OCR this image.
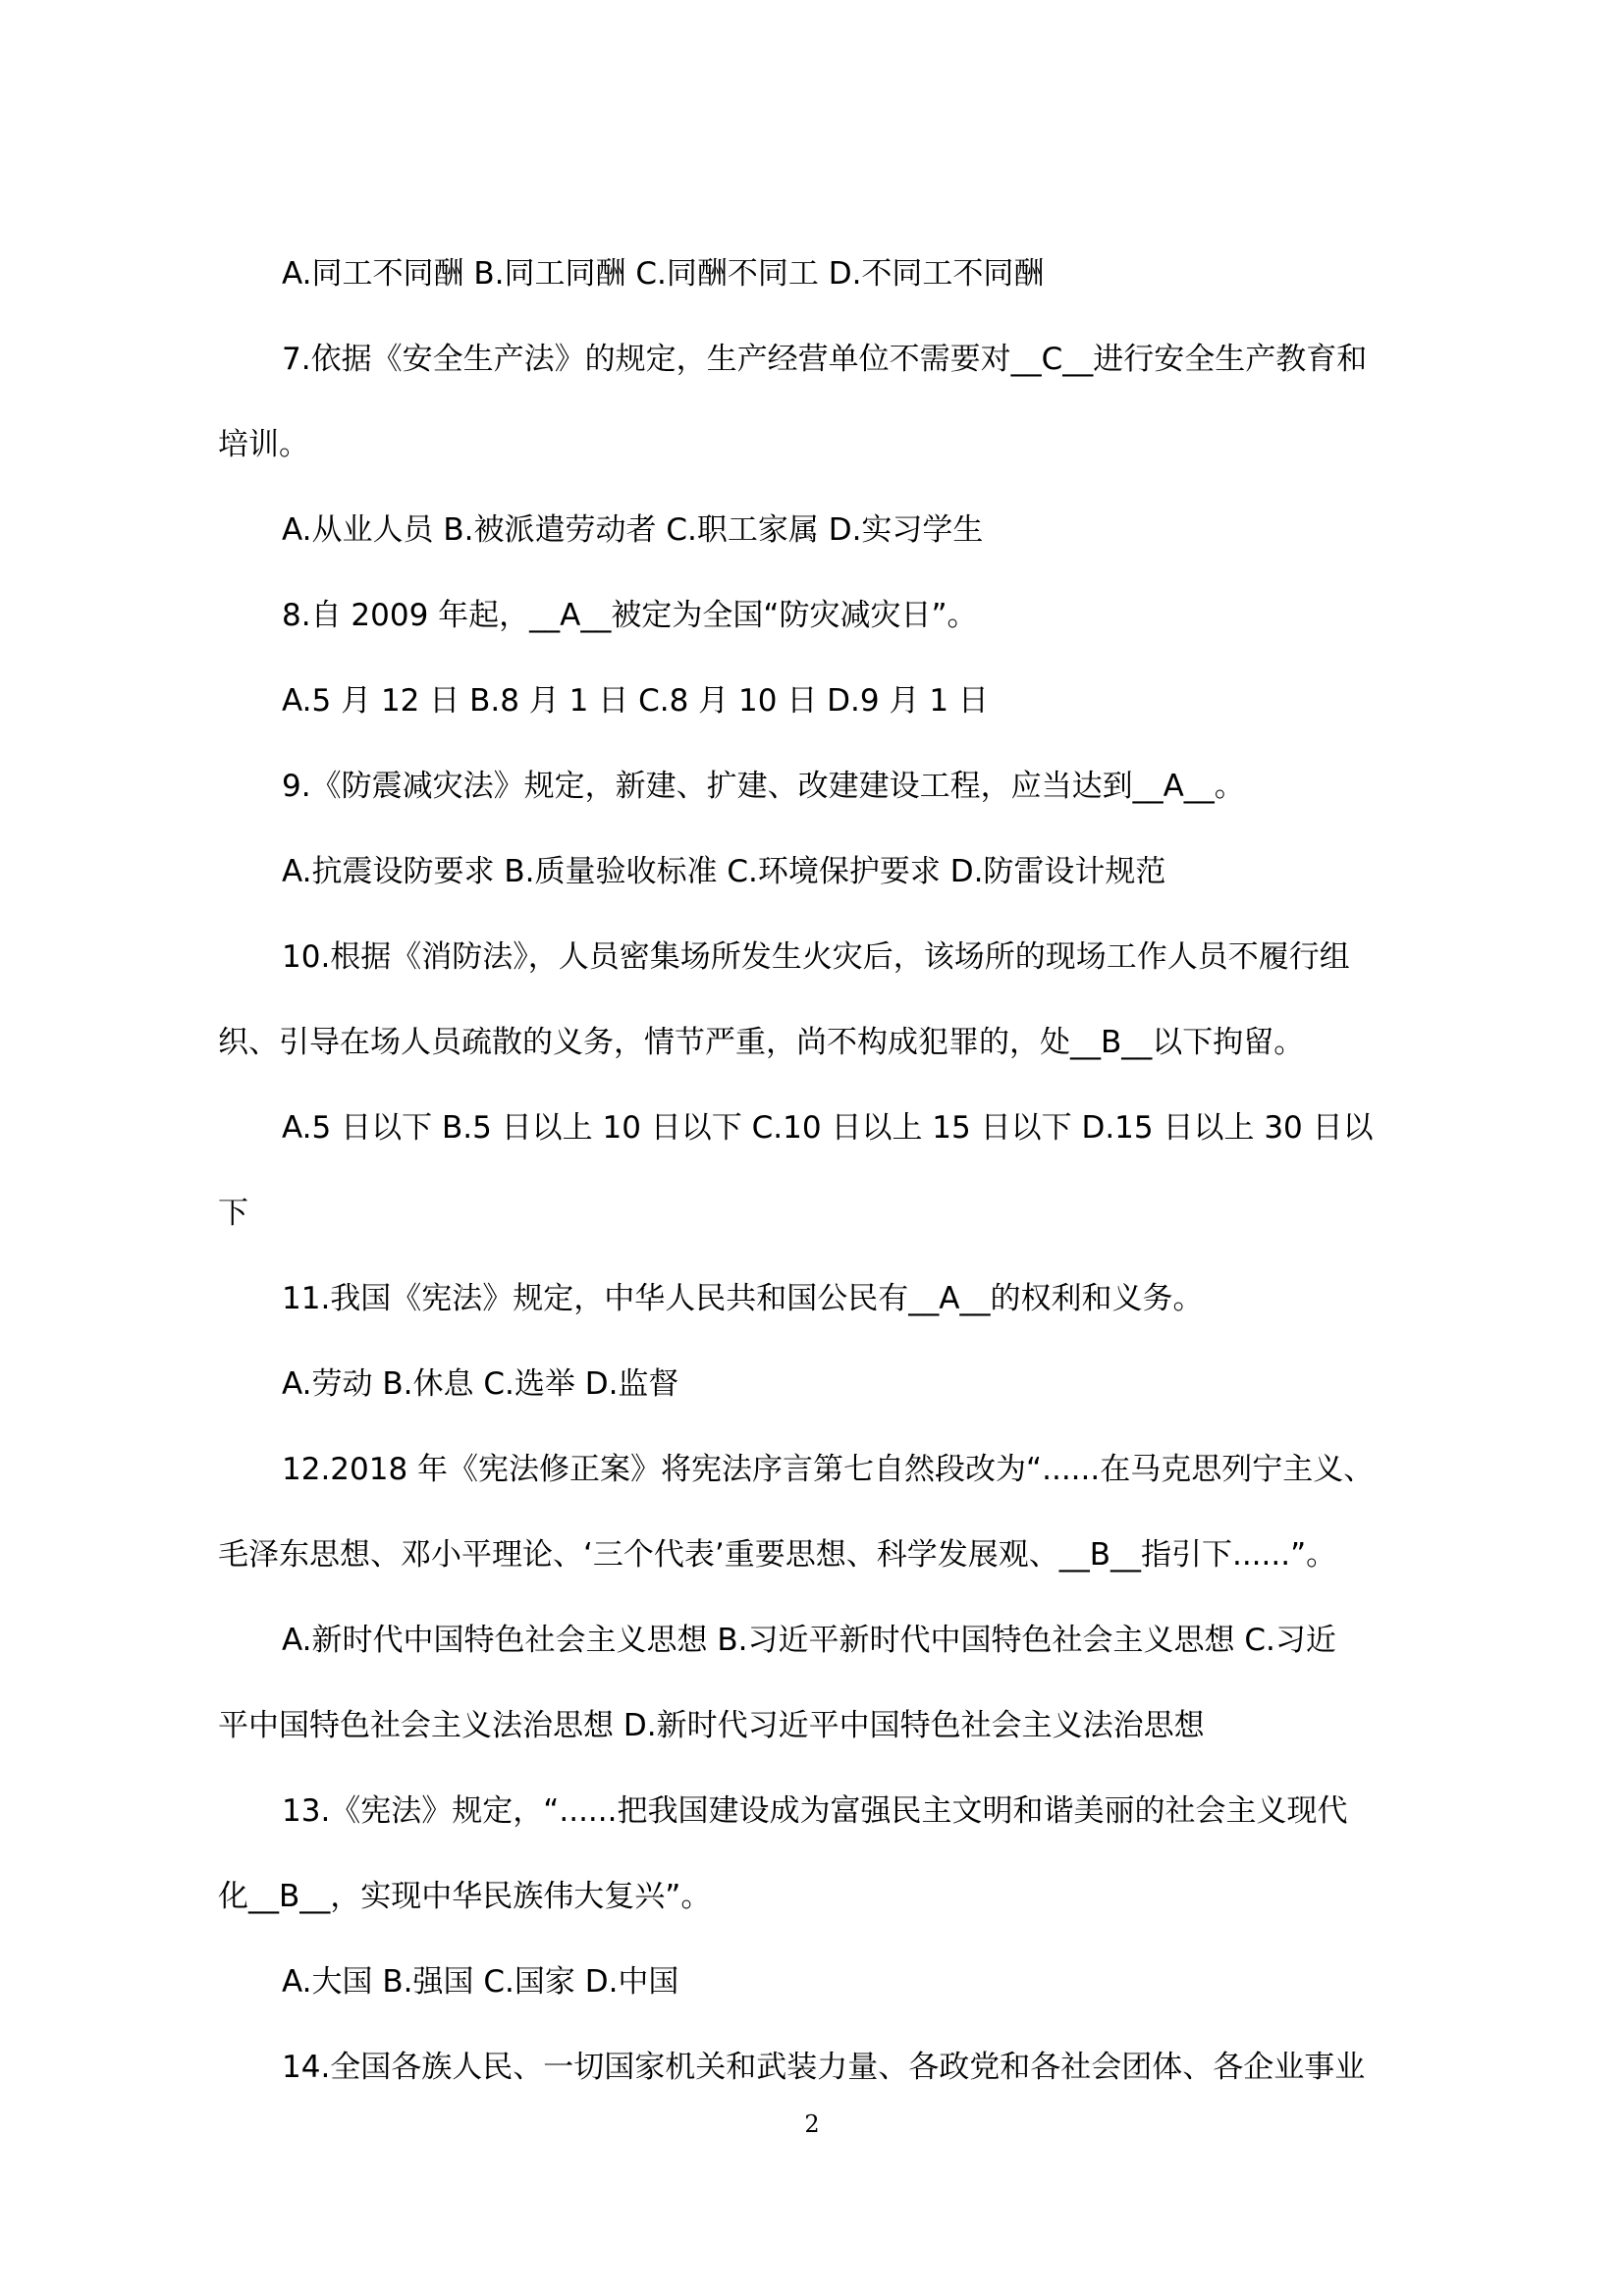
A.同工不同酬 B.同工同酬 C.同酬不同工 D.不同工不同酬

7.依据《安全生产法》的规定，生产经营单位不需要对__C__进行安全生产教育和

培训。

A.从业人员 B.被派遣劳动者 C.职工家属 D.实习学生

8.自 2009 年起，__A__被定为全国“防灾减灾日”。

A.5 月 12 日 B.8 月 1 日 C.8 月 10 日 D.9 月 1 日

9.《防震减灾法》规定，新建、扩建、改建建设工程，应当达到__A__。

A.抗震设防要求 B.质量验收标准 C.环境保护要求 D.防雷设计规范

10.根据《消防法》，人员密集场所发生火灾后，该场所的现场工作人员不履行组

织、引导在场人员疏散的义务，情节严重，尚不构成犯罪的，处__B__以下拘留。

A.5 日以下 B.5 日以上 10 日以下 C.10 日以上 15 日以下 D.15 日以上 30 日以

下

11.我国《宪法》规定，中华人民共和国公民有__A__的权利和义务。

A.劳动 B.休息 C.选举 D.监督

12.2018 年《宪法修正案》将宪法序言第七自然段改为“......在马克思列宁主义、

毛泽东思想、邓小平理论、‘三个代表’重要思想、科学发展观、__B__指引下......”。

A.新时代中国特色社会主义思想 B.习近平新时代中国特色社会主义思想 C.习近

平中国特色社会主义法治思想 D.新时代习近平中国特色社会主义法治思想

13.《宪法》规定，“......把我国建设成为富强民主文明和谐美丽的社会主义现代

化__B__，实现中华民族伟大复兴”。

A.大国 B.强国 C.国家 D.中国

14.全国各族人民、一切国家机关和武装力量、各政党和各社会团体、各企业事业

2
